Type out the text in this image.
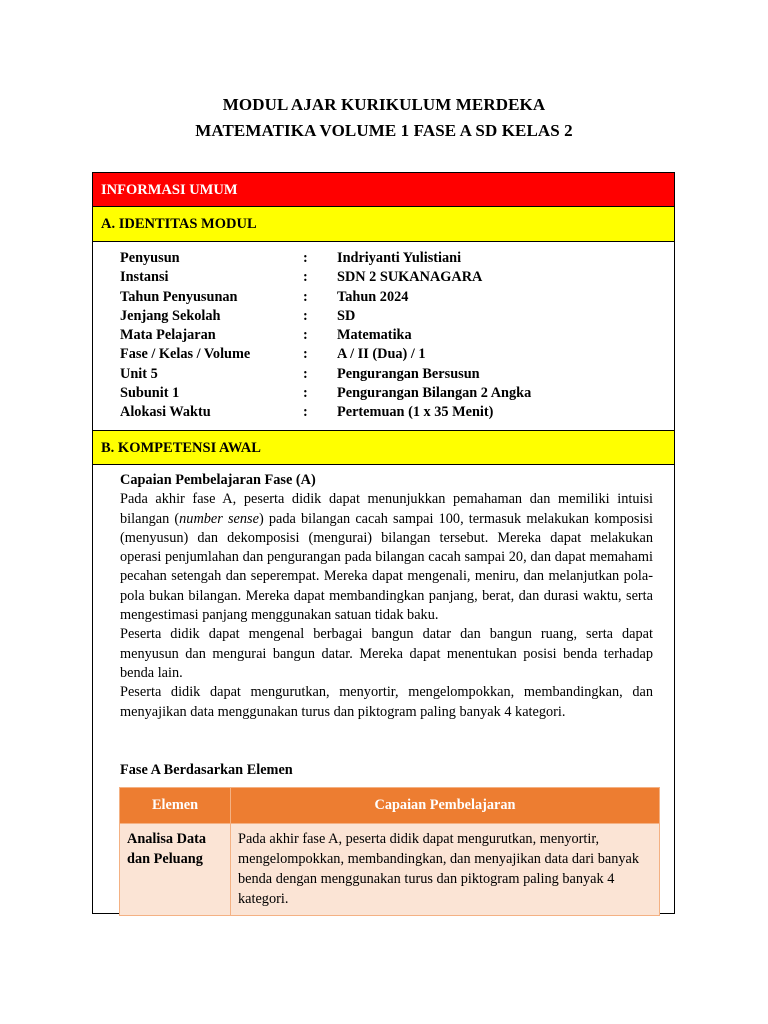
MODUL AJAR KURIKULUM MERDEKA
MATEMATIKA VOLUME 1 FASE A SD KELAS 2
INFORMASI UMUM
A. IDENTITAS MODUL
Penyusun	: Indriyanti Yulistiani
Instansi	: SDN 2 SUKANAGARA
Tahun Penyusunan	: Tahun 2024
Jenjang Sekolah	: SD
Mata Pelajaran	: Matematika
Fase / Kelas / Volume	: A / II (Dua) / 1
Unit 5	: Pengurangan Bersusun
Subunit 1	: Pengurangan Bilangan 2 Angka
Alokasi Waktu	: Pertemuan (1 x 35 Menit)
B. KOMPETENSI AWAL

Capaian Pembelajaran Fase (A)

Pada akhir fase A, peserta didik dapat menunjukkan pemahaman dan memiliki intuisi bilangan (number sense) pada bilangan cacah sampai 100, termasuk melakukan komposisi (menyusun) dan dekomposisi (mengurai) bilangan tersebut. Mereka dapat melakukan operasi penjumlahan dan pengurangan pada bilangan cacah sampai 20, dan dapat memahami pecahan setengah dan seperempat. Mereka dapat mengenali, meniru, dan melanjutkan pola-pola bukan bilangan. Mereka dapat membandingkan panjang, berat, dan durasi waktu, serta mengestimasi panjang menggunakan satuan tidak baku.

Peserta didik dapat mengenal berbagai bangun datar dan bangun ruang, serta dapat menyusun dan mengurai bangun datar. Mereka dapat menentukan posisi benda terhadap benda lain.

Peserta didik dapat mengurutkan, menyortir, mengelompokkan, membandingkan, dan menyajikan data menggunakan turus dan piktogram paling banyak 4 kategori.

Fase A Berdasarkan Elemen
Elemen	Capaian Pembelajaran
Analisa Data dan Peluang	Pada akhir fase A, peserta didik dapat mengurutkan, menyortir, mengelompokkan, membandingkan, dan menyajikan data dari banyak benda dengan menggunakan turus dan piktogram paling banyak 4 kategori.
